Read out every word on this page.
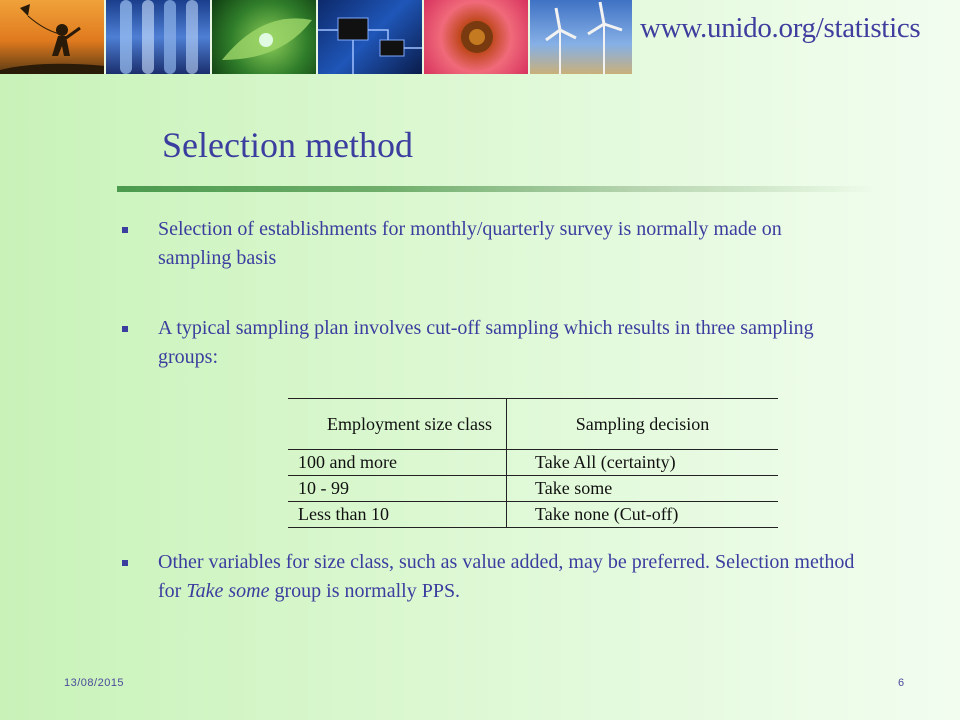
www.unido.org/statistics
Selection method
Selection of establishments for monthly/quarterly survey is normally made on sampling basis
A typical sampling plan involves cut-off sampling which results in three sampling groups:
Employment size class	Sampling decision
100 and more	Take All (certainty)
10 - 99	Take some
Less than 10	Take none (Cut-off)
Other variables for size class, such as value added, may be preferred. Selection method for Take some group is normally PPS.
13/08/2015	6
